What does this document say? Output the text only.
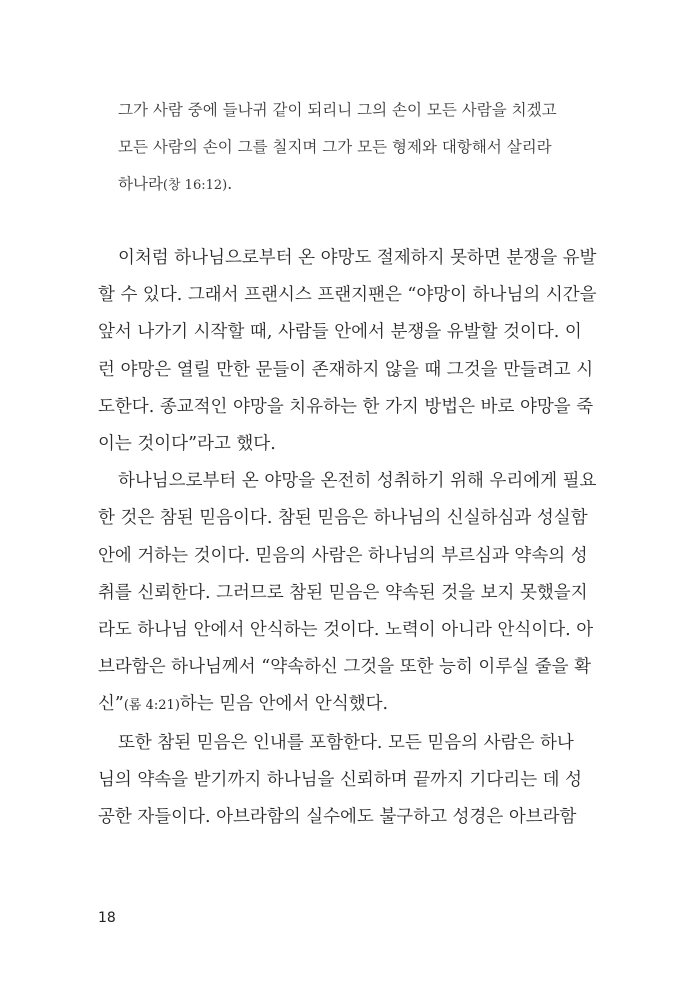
그가 사람 중에 들나귀 같이 되리니 그의 손이 모든 사람을 치겠고
모든 사람의 손이 그를 칠지며 그가 모든 형제와 대항해서 살리라
하나라(창 16:12).
이처럼 하나님으로부터 온 야망도 절제하지 못하면 분쟁을 유발
할 수 있다. 그래서 프랜시스 프랜지팬은 “야망이 하나님의 시간을
앞서 나가기 시작할 때, 사람들 안에서 분쟁을 유발할 것이다. 이
런 야망은 열릴 만한 문들이 존재하지 않을 때 그것을 만들려고 시
도한다. 종교적인 야망을 치유하는 한 가지 방법은 바로 야망을 죽
이는 것이다”라고 했다.
하나님으로부터 온 야망을 온전히 성취하기 위해 우리에게 필요
한 것은 참된 믿음이다. 참된 믿음은 하나님의 신실하심과 성실함
안에 거하는 것이다. 믿음의 사람은 하나님의 부르심과 약속의 성
취를 신뢰한다. 그러므로 참된 믿음은 약속된 것을 보지 못했을지
라도 하나님 안에서 안식하는 것이다. 노력이 아니라 안식이다. 아
브라함은 하나님께서 “약속하신 그것을 또한 능히 이루실 줄을 확
신”(롬 4:21)하는 믿음 안에서 안식했다.
또한 참된 믿음은 인내를 포함한다. 모든 믿음의 사람은 하나
님의 약속을 받기까지 하나님을 신뢰하며 끝까지 기다리는 데 성
공한 자들이다. 아브라함의 실수에도 불구하고 성경은 아브라함
18
